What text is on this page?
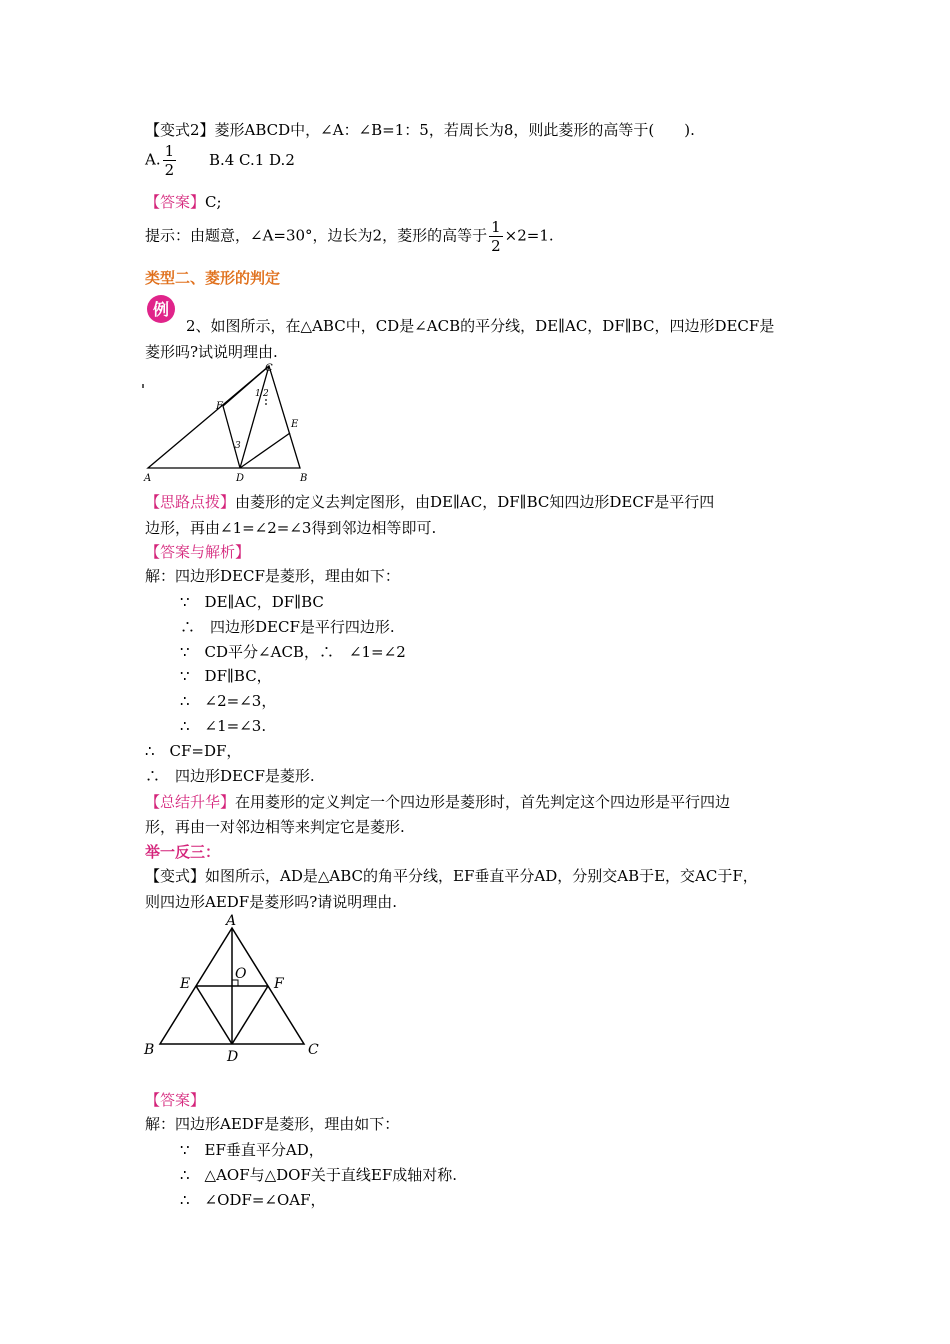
【变式2】菱形ABCD中，∠A：∠B=1：5，若周长为8，则此菱形的高等于(　　).
A. $\frac{1}{2} B.4$ C.1 D.2
【答案】C;
提示：由题意，∠A=30°，边长为2，菱形的高等于 $\frac{1}{2} \times 2=1$.
类型二、菱形的判定
例
2、如图所示，在△ABC中，CD是∠ACB的平分线，DE∥AC，DF∥BC，四边形DECF是
菱形吗?试说明理由.
C
F
E
A	D	B
1 2
3
【思路点拨】由菱形的定义去判定图形，由DE∥AC，DF∥BC知四边形DECF是平行四
边形，再由∠1=∠2=∠3得到邻边相等即可.
【答案与解析】
解：四边形DECF是菱形，理由如下：
∵　DE∥AC，DF∥BC
∴　四边形DECF是平行四边形.
∵　CD平分∠ACB，∴　∠1=∠2
∵　DF∥BC，
∴　∠2=∠3，
∴　∠1=∠3.
∴　CF=DF，
∴　四边形DECF是菱形.
【总结升华】在用菱形的定义判定一个四边形是菱形时，首先判定这个四边形是平行四边
形，再由一对邻边相等来判定它是菱形.
举一反三：
【变式】如图所示，AD是△ABC的角平分线，EF垂直平分AD，分别交AB于E，交AC于F，
则四边形AEDF是菱形吗?请说明理由.
A
E	F
O
B	D	C
【答案】
解：四边形AEDF是菱形，理由如下：
∵　EF垂直平分AD，
∴　△AOF与△DOF关于直线EF成轴对称.
∴　∠ODF=∠OAF，
